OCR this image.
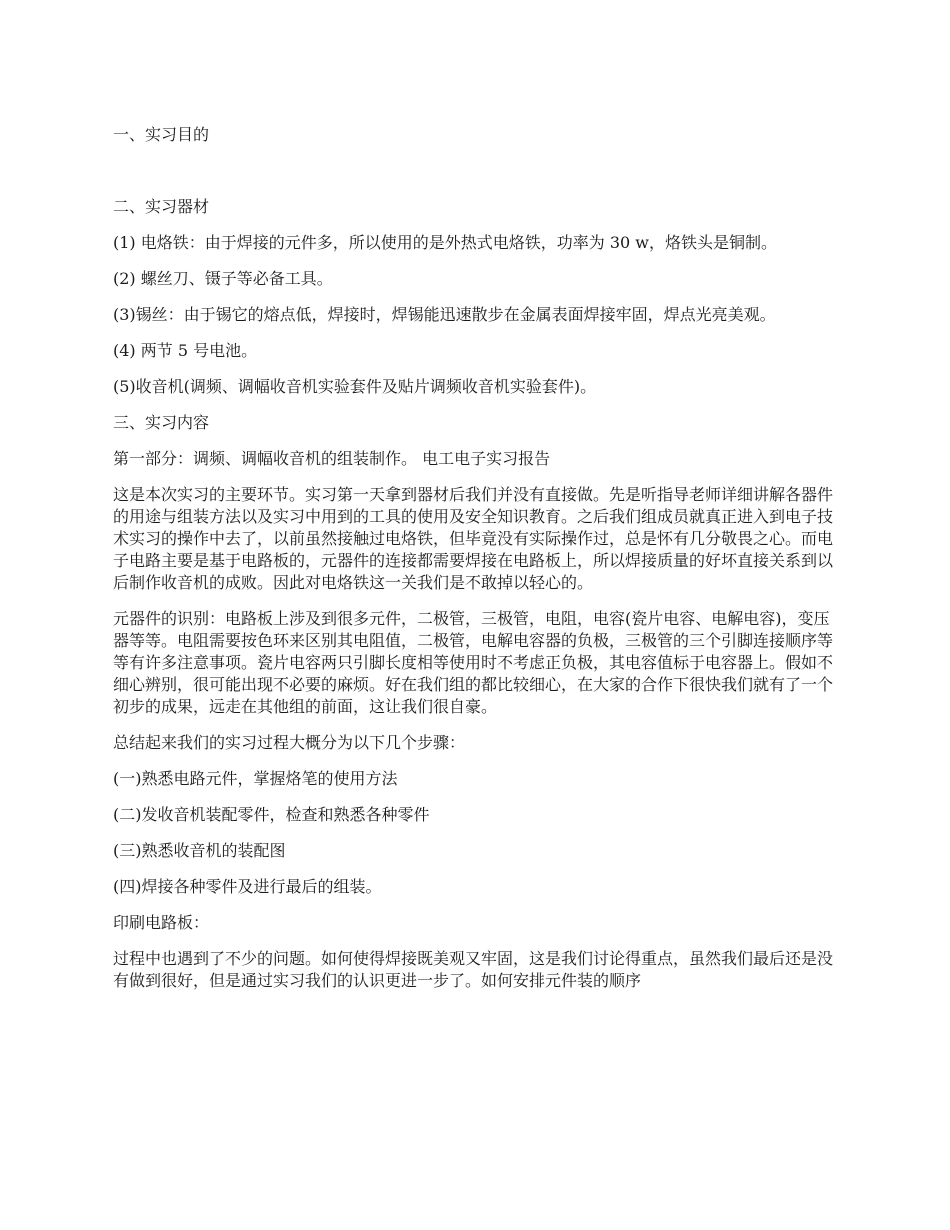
一、实习目的

二、实习器材

(1) 电烙铁：由于焊接的元件多，所以使用的是外热式电烙铁，功率为 30 w，烙铁头是铜制。

(2) 螺丝刀、镊子等必备工具。

(3)锡丝：由于锡它的熔点低，焊接时，焊锡能迅速散步在金属表面焊接牢固，焊点光亮美观。

(4) 两节 5 号电池。

(5)收音机(调频、调幅收音机实验套件及贴片调频收音机实验套件)。

三、实习内容

第一部分：调频、调幅收音机的组装制作。 电工电子实习报告

这是本次实习的主要环节。实习第一天拿到器材后我们并没有直接做。先是听指导老师详细讲解各器件的用途与组装方法以及实习中用到的工具的使用及安全知识教育。之后我们组成员就真正进入到电子技术实习的操作中去了，以前虽然接触过电烙铁，但毕竟没有实际操作过，总是怀有几分敬畏之心。而电子电路主要是基于电路板的，元器件的连接都需要焊接在电路板上，所以焊接质量的好坏直接关系到以后制作收音机的成败。因此对电烙铁这一关我们是不敢掉以轻心的。

元器件的识别：电路板上涉及到很多元件，二极管，三极管，电阻，电容(瓷片电容、电解电容)，变压器等等。电阻需要按色环来区别其电阻值，二极管，电解电容器的负极，三极管的三个引脚连接顺序等等有许多注意事项。瓷片电容两只引脚长度相等使用时不考虑正负极，其电容值标于电容器上。假如不细心辨别，很可能出现不必要的麻烦。好在我们组的都比较细心，在大家的合作下很快我们就有了一个初步的成果，远走在其他组的前面，这让我们很自豪。

总结起来我们的实习过程大概分为以下几个步骤：

(一)熟悉电路元件，掌握烙笔的使用方法

(二)发收音机装配零件，检查和熟悉各种零件

(三)熟悉收音机的装配图

(四)焊接各种零件及进行最后的组装。

印刷电路板：

过程中也遇到了不少的问题。如何使得焊接既美观又牢固，这是我们讨论得重点，虽然我们最后还是没有做到很好，但是通过实习我们的认识更进一步了。如何安排元件装的顺序
